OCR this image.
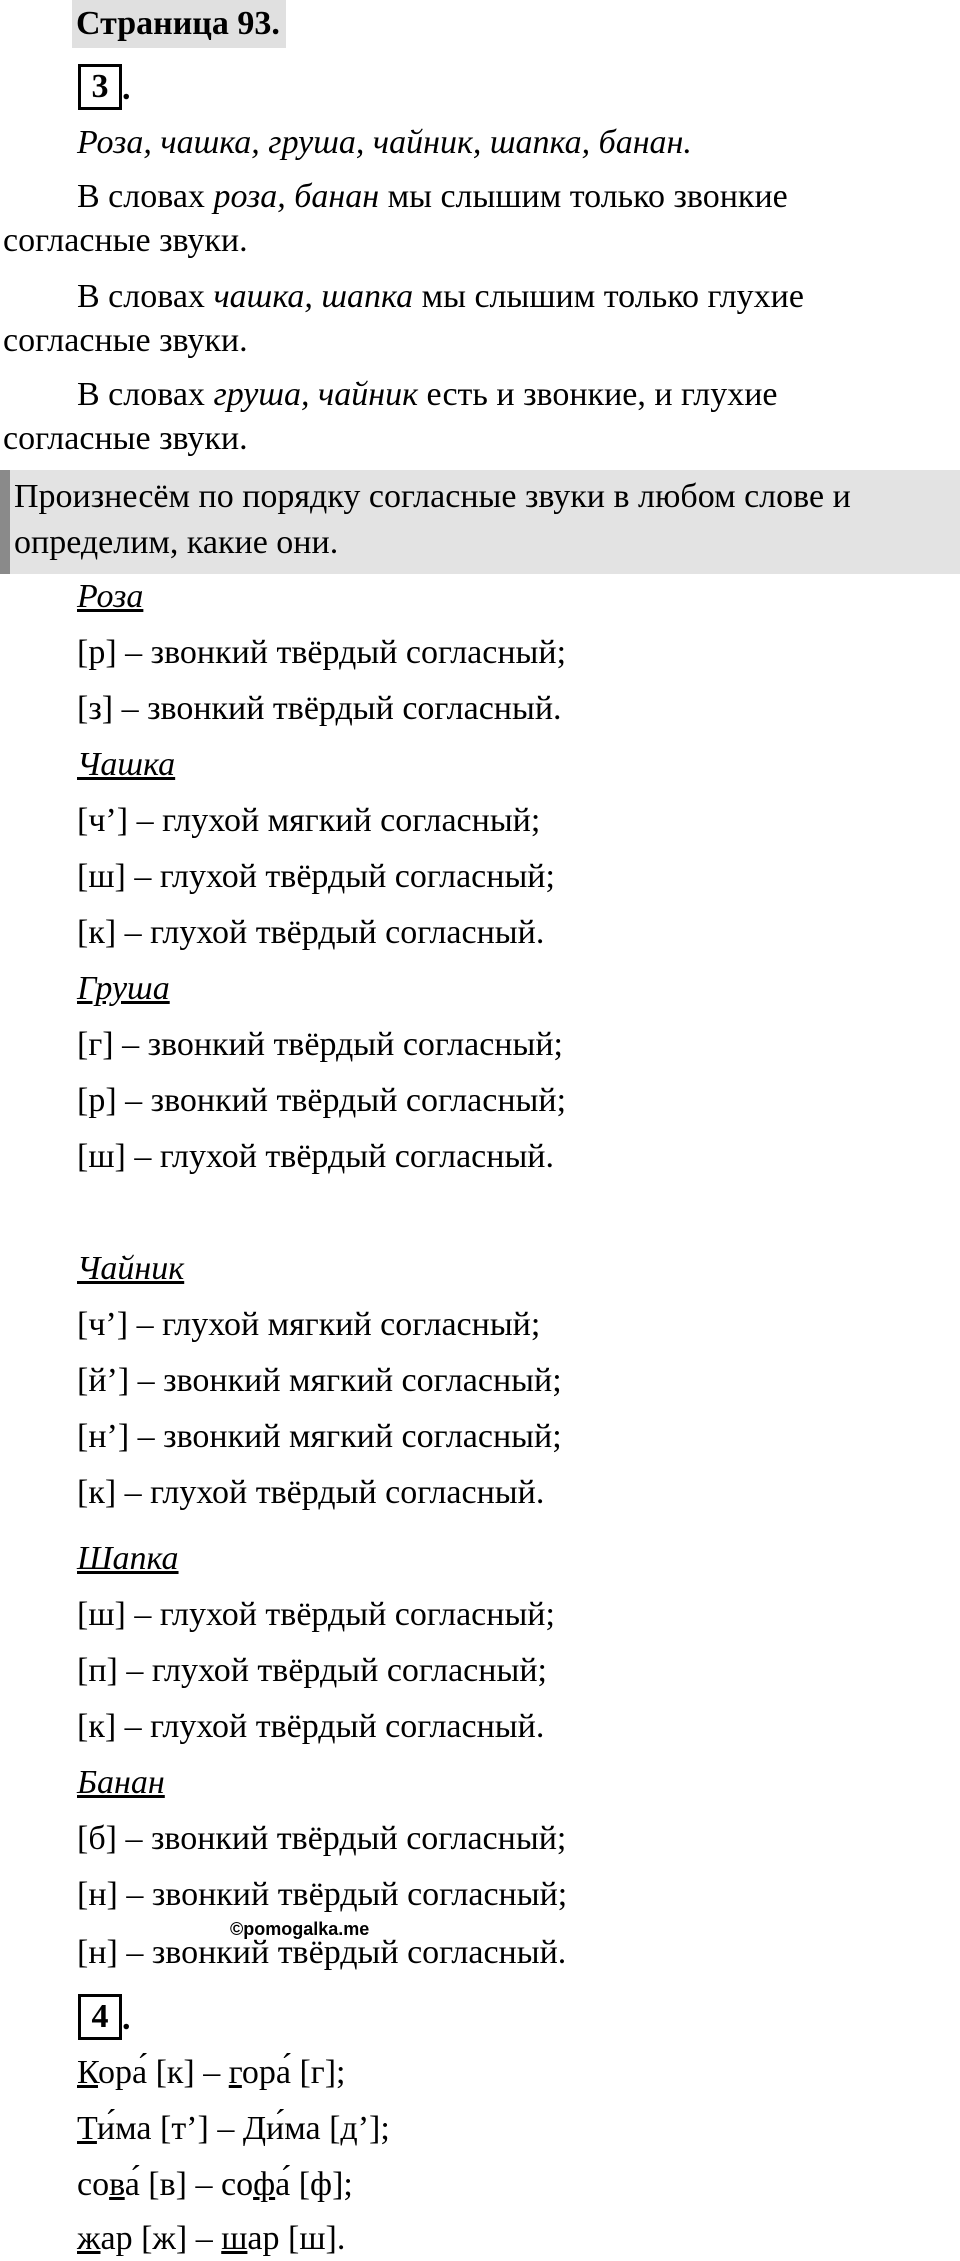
Страница 93.
3 .
Роза, чашка, груша, чайник, шапка, банан.
В словах роза, банан мы слышим только звонкие
согласные звуки.
В словах чашка, шапка мы слышим только глухие
согласные звуки.
В словах груша, чайник есть и звонкие, и глухие
согласные звуки.
Произнесём по порядку согласные звуки в любом слове и
определим, какие они.
Роза
[р] – звонкий твёрдый согласный;
[з] – звонкий твёрдый согласный.
Чашка
[ч’] – глухой мягкий согласный;
[ш] – глухой твёрдый согласный;
[к] – глухой твёрдый согласный.
Груша
[г] – звонкий твёрдый согласный;
[р] – звонкий твёрдый согласный;
[ш] – глухой твёрдый согласный.
Чайник
[ч’] – глухой мягкий согласный;
[й’] – звонкий мягкий согласный;
[н’] – звонкий мягкий согласный;
[к] – глухой твёрдый согласный.
Шапка
[ш] – глухой твёрдый согласный;
[п] – глухой твёрдый согласный;
[к] – глухой твёрдый согласный.
Банан
[б] – звонкий твёрдый согласный;
[н] – звонкий твёрдый согласный;
[н] – звонкий твёрдый согласный.
©pomogalka.me
4 .
Кора́ [к] – гора́ [г];
Ти́ма [т’] – Ди́ма [д’];
сова́ [в] – софа́ [ф];
жар [ж] – шар [ш].
